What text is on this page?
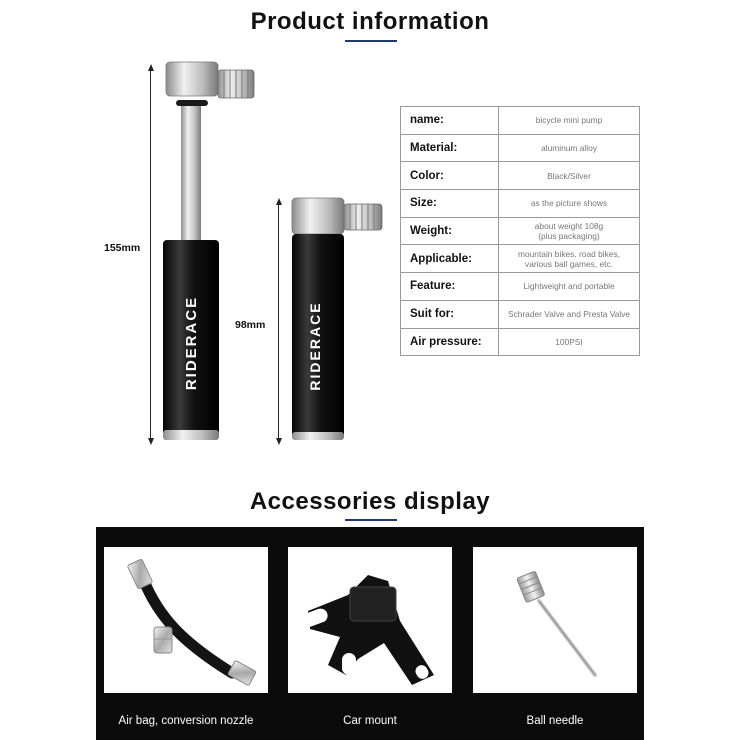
Product information
155mm
98mm
RIDERACE	RIDERACE
name:	bicycle mini pump
Material:	aluminum alloy
Color:	Black/Silver
Size:	as the picture shows
Weight:	about weight 108g
(plus packaging)

Applicable:	mountain bikes, road bikes,
various ball games, etc.

Feature:	Lightweight and portable
Suit for:	Schrader Valve and Presta Valve
Air pressure:	100PSI
Accessories display
Air bag, conversion nozzle	Car mount	Ball needle
